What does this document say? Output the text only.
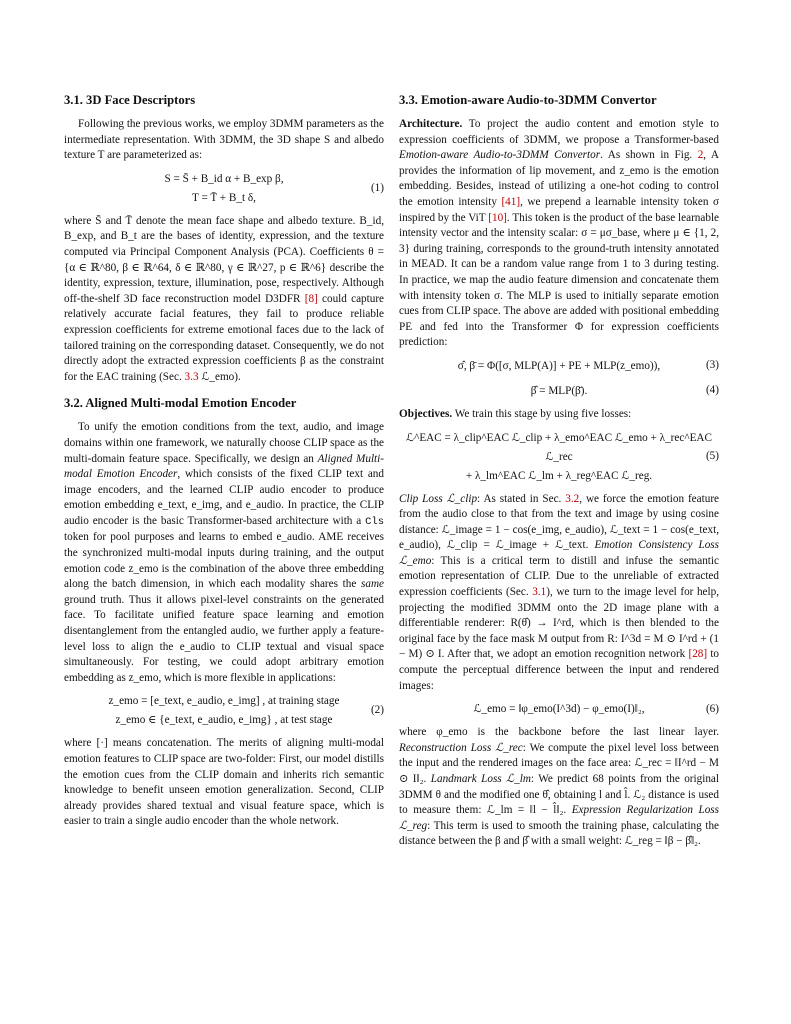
3.1. 3D Face Descriptors

Following the previous works, we employ 3DMM parameters as the intermediate representation. With 3DMM, the 3D shape S and albedo texture T are parameterized as:

S = S̄ + B_id α + B_exp β,
T = T̄ + B_t δ,
(1)

where S̄ and T̄ denote the mean face shape and albedo texture. B_id, B_exp, and B_t are the bases of identity, expression, and the texture computed via Principal Component Analysis (PCA). Coefficients θ = {α ∈ ℝ^80, β ∈ ℝ^64, δ ∈ ℝ^80, γ ∈ ℝ^27, p ∈ ℝ^6} describe the identity, expression, texture, illumination, pose, respectively. Although off-the-shelf 3D face reconstruction model D3DFR [8] could capture relatively accurate facial features, they fail to produce reliable expression coefficients for extreme emotional faces due to the lack of tailored training on the corresponding dataset. Consequently, we do not directly adopt the extracted expression coefficients β as the constraint for the EAC training (Sec. 3.3 ℒ_emo).

3.2. Aligned Multi-modal Emotion Encoder

To unify the emotion conditions from the text, audio, and image domains within one framework, we naturally choose CLIP space as the multi-domain feature space. Specifically, we design an Aligned Multi-modal Emotion Encoder, which consists of the fixed CLIP text and image encoders, and the learned CLIP audio encoder to produce emotion embedding e_text, e_img, and e_audio. In practice, the CLIP audio encoder is the basic Transformer-based architecture with a Cls token for pool purposes and learns to embed e_audio. AME receives the synchronized multi-modal inputs during training, and the output emotion code z_emo is the combination of the above three embedding along the batch dimension, in which each modality shares the same ground truth. Thus it allows pixel-level constraints on the generated face. To facilitate unified feature space learning and emotion disentanglement from the entangled audio, we further apply a feature-level loss to align the e_audio to CLIP textual and visual space simultaneously. For testing, we could adopt arbitrary emotion embedding as z_emo, which is more flexible in applications:

z_emo = [e_text, e_audio, e_img] , at training stage
z_emo ∈ {e_text, e_audio, e_img} , at test stage
(2)

where [·] means concatenation. The merits of aligning multi-modal emotion features to CLIP space are two-folder: First, our model distills the emotion cues from the CLIP domain and inherits rich semantic knowledge to benefit unseen emotion generalization. Second, CLIP already provides shared textual and visual feature space, which is easier to train a single audio encoder than the whole network.

3.3. Emotion-aware Audio-to-3DMM Convertor

Architecture. To project the audio content and emotion style to expression coefficients of 3DMM, we propose a Transformer-based Emotion-aware Audio-to-3DMM Convertor. As shown in Fig. 2, A provides the information of lip movement, and z_emo is the emotion embedding. Besides, instead of utilizing a one-hot coding to control the emotion intensity [41], we prepend a learnable intensity token σ inspired by the ViT [10]. This token is the product of the base learnable intensity vector and the intensity scalar: σ = μσ_base, where μ ∈ {1, 2, 3} during training, corresponds to the ground-truth intensity annotated in MEAD. It can be a random value range from 1 to 3 during testing. In practice, we map the audio feature dimension and concatenate them with intensity token σ. The MLP is used to initially separate emotion cues from CLIP space. The above are added with positional embedding PE and fed into the Transformer Φ for expression coefficients prediction:

σ̂, β̄ = Φ([σ, MLP(A)] + PE + MLP(z_emo)),	(3)
β̂ = MLP(β̄).	(4)

Objectives. We train this stage by using five losses:

ℒ^EAC = λ_clip^EAC ℒ_clip + λ_emo^EAC ℒ_emo + λ_rec^EAC ℒ_rec
+ λ_lm^EAC ℒ_lm + λ_reg^EAC ℒ_reg.
(5)

Clip Loss ℒ_clip: As stated in Sec. 3.2, we force the emotion feature from the audio close to that from the text and image by using cosine distance: ℒ_image = 1 − cos(e_img, e_audio), ℒ_text = 1 − cos(e_text, e_audio), ℒ_clip = ℒ_image + ℒ_text. Emotion Consistency Loss ℒ_emo: This is a critical term to distill and infuse the semantic emotion representation of CLIP. Due to the unreliable of extracted expression coefficients (Sec. 3.1), we turn to the image level for help, projecting the modified 3DMM onto the 2D image plane with a differentiable renderer: R(θ̂) → I^rd, which is then blended to the original face by the face mask M output from R: I^3d = M ⊙ I^rd + (1 − M) ⊙ I. After that, we adopt an emotion recognition network [28] to compute the perceptual difference between the input and rendered images:

ℒ_emo = ‖φ_emo(I^3d) − φ_emo(I)‖₂,	(6)

where φ_emo is the backbone before the last linear layer. Reconstruction Loss ℒ_rec: We compute the pixel level loss between the input and the rendered images on the face area: ℒ_rec = ‖I^rd − M ⊙ I‖₂. Landmark Loss ℒ_lm: We predict 68 points from the original 3DMM θ and the modified one θ̂, obtaining l and l̂. ℒ₂ distance is used to measure them: ℒ_lm = ‖l − l̂‖₂. Expression Regularization Loss ℒ_reg: This term is used to smooth the training phase, calculating the distance between the β and β̂ with a small weight: ℒ_reg = ‖β − β̂‖₂.
